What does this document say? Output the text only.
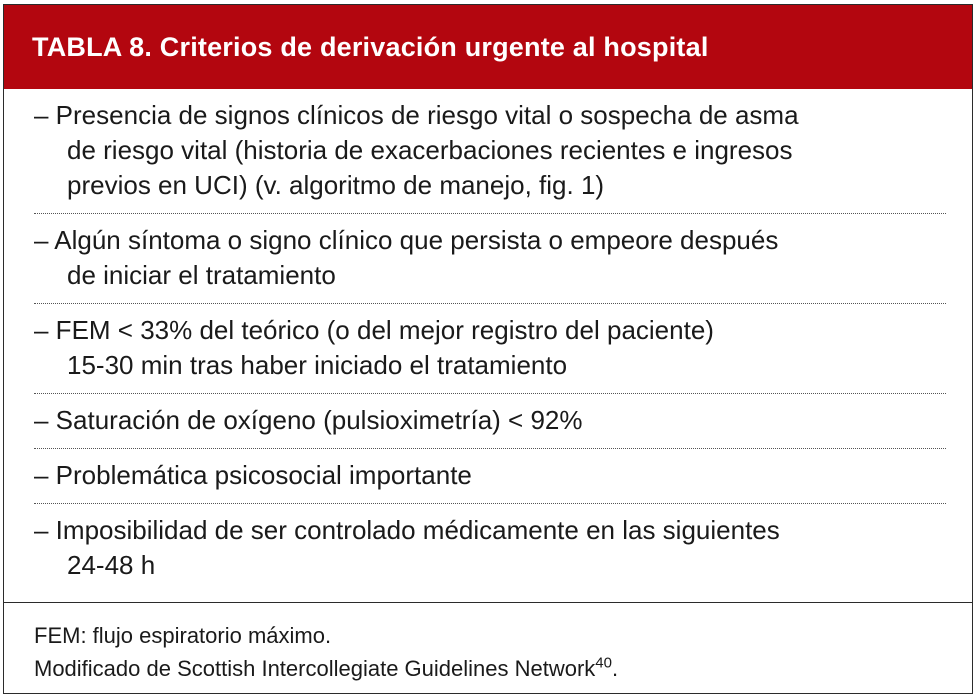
TABLA 8. Criterios de derivación urgente al hospital
– Presencia de signos clínicos de riesgo vital o sospecha de asma
de riesgo vital (historia de exacerbaciones recientes e ingresos
previos en UCI) (v. algoritmo de manejo, fig. 1)
– Algún síntoma o signo clínico que persista o empeore después
de iniciar el tratamiento
– FEM < 33% del teórico (o del mejor registro del paciente)
15-30 min tras haber iniciado el tratamiento
– Saturación de oxígeno (pulsioximetría) < 92%
– Problemática psicosocial importante
– Imposibilidad de ser controlado médicamente en las siguientes
24-48 h
FEM: flujo espiratorio máximo.
Modificado de Scottish Intercollegiate Guidelines Network$^{40}$.
